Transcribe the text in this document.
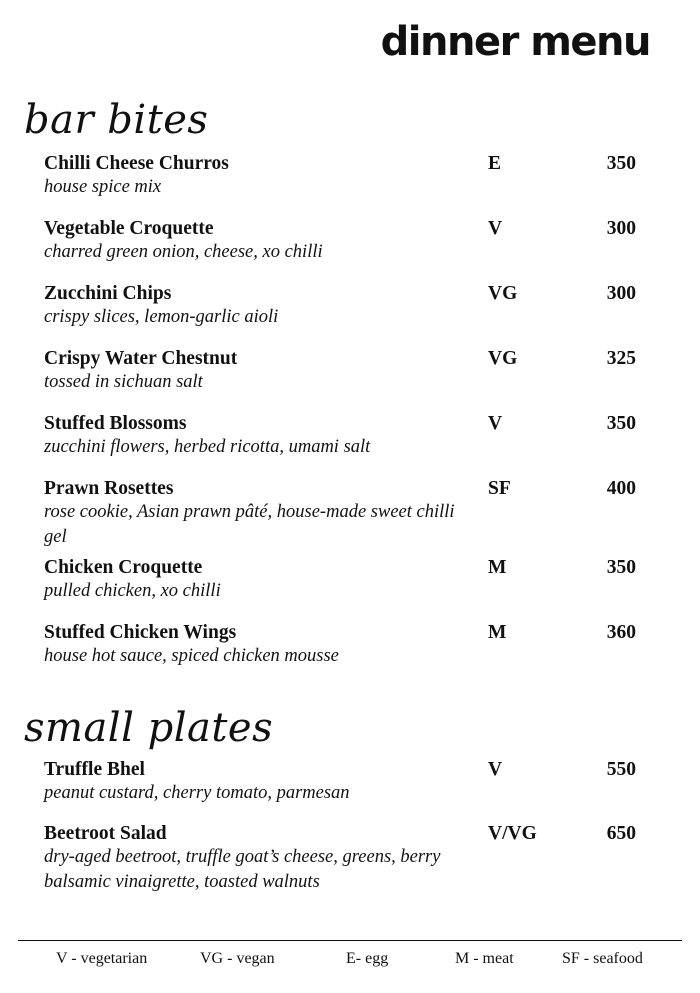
dinner menu
bar bites
Chilli Cheese Churros
house spice mix
E	350
Vegetable Croquette
charred green onion, cheese, xo chilli
V	300
Zucchini Chips
crispy slices, lemon-garlic aioli
VG	300
Crispy Water Chestnut
tossed in sichuan salt
VG	325
Stuffed Blossoms
zucchini flowers, herbed ricotta, umami salt
V	350
Prawn Rosettes
rose cookie, Asian prawn pâté, house-made sweet chilli gel
SF	400
Chicken Croquette
pulled chicken, xo chilli
M	350
Stuffed Chicken Wings
house hot sauce, spiced chicken mousse
M	360
small plates
Truffle Bhel
peanut custard, cherry tomato, parmesan
V	550
Beetroot Salad
dry-aged beetroot, truffle goat’s cheese, greens, berry balsamic vinaigrette, toasted walnuts
V/VG	650
V - vegetarian	VG - vegan	E- egg	M - meat	SF - seafood
